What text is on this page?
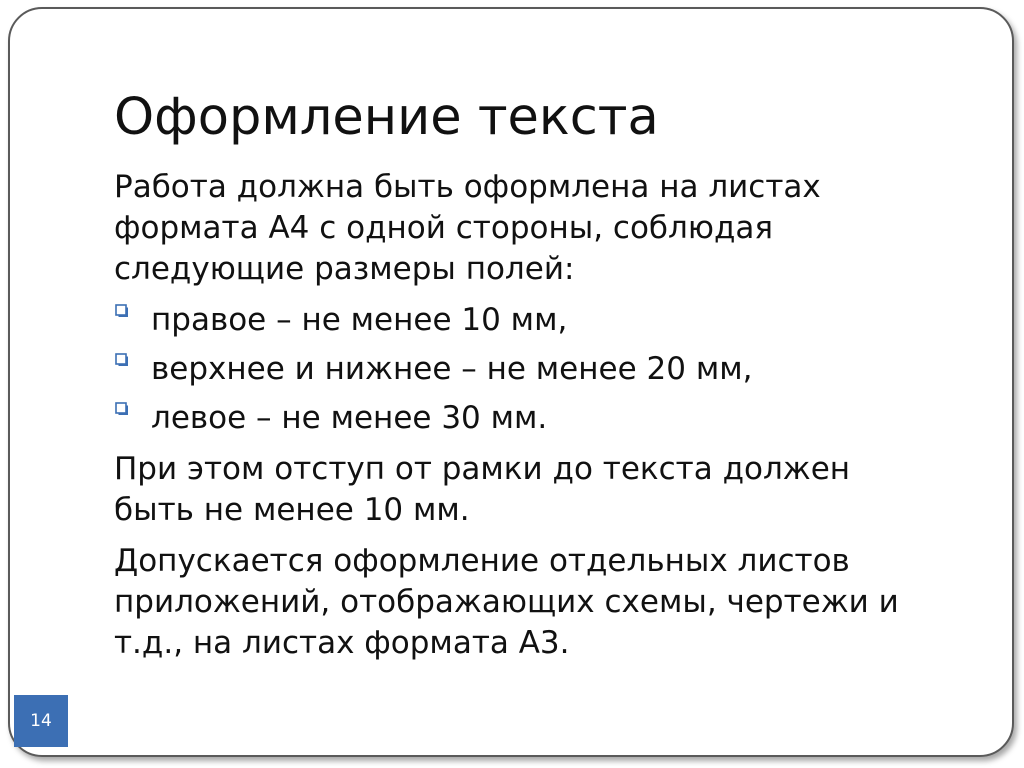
Оформление текста

Работа должна быть оформлена на листах
формата А4 с одной стороны, соблюдая
следующие размеры полей:

правое – не менее 10 мм,
верхнее и нижнее – не менее 20 мм,
левое – не менее 30 мм.

При этом отступ от рамки до текста должен
быть не менее 10 мм.

Допускается оформление отдельных листов
приложений, отображающих схемы, чертежи и
т.д., на листах формата А3.

14
